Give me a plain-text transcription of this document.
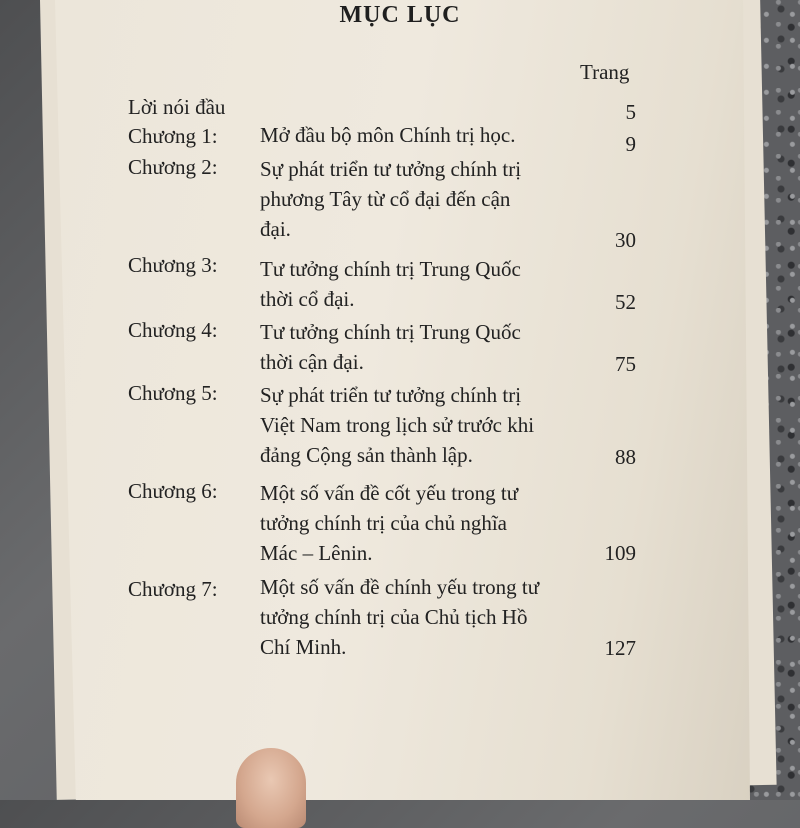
MỤC LỤC
Trang
Lời nói đầu	5
Chương 1: Mở đầu bộ môn Chính trị học.	9
Chương 2: Sự phát triển tư tưởng chính trị
phương Tây từ cổ đại đến cận
đại.	30
Chương 3: Tư tưởng chính trị Trung Quốc
thời cổ đại.	52
Chương 4: Tư tưởng chính trị Trung Quốc
thời cận đại.	75
Chương 5: Sự phát triển tư tưởng chính trị
Việt Nam trong lịch sử trước khi
đảng Cộng sản thành lập.	88
Chương 6: Một số vấn đề cốt yếu trong tư
tưởng chính trị của chủ nghĩa
Mác – Lênin.	109
Chương 7: Một số vấn đề chính yếu trong tư
tưởng chính trị của Chủ tịch Hồ
Chí Minh.	127
